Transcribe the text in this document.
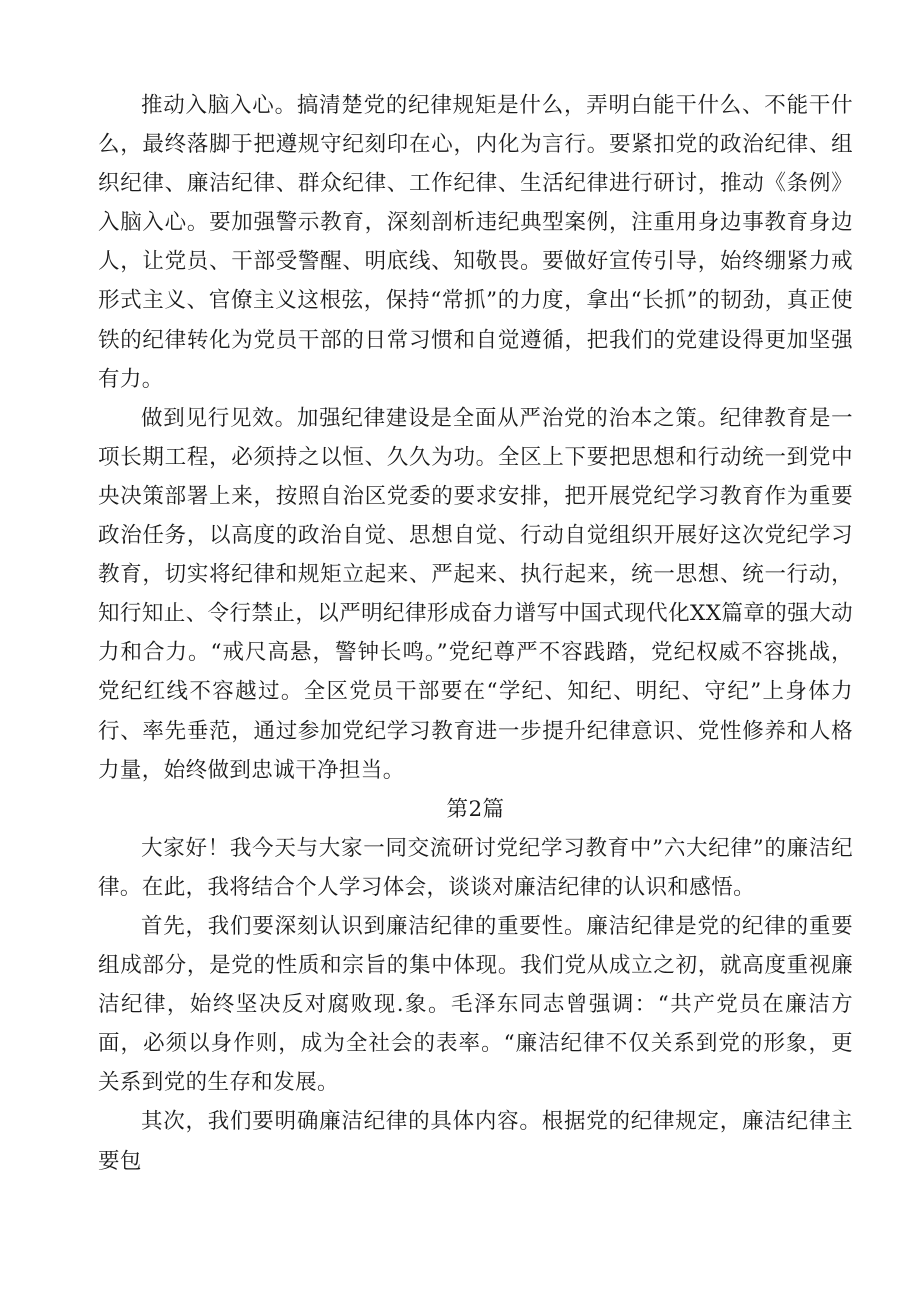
推动入脑入心。搞清楚党的纪律规矩是什么，弄明白能干什么、不能干什么，最终落脚于把遵规守纪刻印在心，内化为言行。要紧扣党的政治纪律、组织纪律、廉洁纪律、群众纪律、工作纪律、生活纪律进行研讨，推动《条例》入脑入心。要加强警示教育，深刻剖析违纪典型案例，注重用身边事教育身边人，让党员、干部受警醒、明底线、知敬畏。要做好宣传引导，始终绷紧力戒形式主义、官僚主义这根弦，保持“常抓”的力度，拿出“长抓”的韧劲，真正使铁的纪律转化为党员干部的日常习惯和自觉遵循，把我们的党建设得更加坚强有力。

做到见行见效。加强纪律建设是全面从严治党的治本之策。纪律教育是一项长期工程，必须持之以恒、久久为功。全区上下要把思想和行动统一到党中央决策部署上来，按照自治区党委的要求安排，把开展党纪学习教育作为重要政治任务，以高度的政治自觉、思想自觉、行动自觉组织开展好这次党纪学习教育，切实将纪律和规矩立起来、严起来、执行起来，统一思想、统一行动，知行知止、令行禁止，以严明纪律形成奋力谱写中国式现代化XX篇章的强大动力和合力。“戒尺高悬，警钟长鸣。”党纪尊严不容践踏，党纪权威不容挑战，党纪红线不容越过。全区党员干部要在“学纪、知纪、明纪、守纪”上身体力行、率先垂范，通过参加党纪学习教育进一步提升纪律意识、党性修养和人格力量，始终做到忠诚干净担当。

第2篇

大家好！我今天与大家一同交流研讨党纪学习教育中”六大纪律”的廉洁纪律。在此，我将结合个人学习体会，谈谈对廉洁纪律的认识和感悟。

首先，我们要深刻认识到廉洁纪律的重要性。廉洁纪律是党的纪律的重要组成部分，是党的性质和宗旨的集中体现。我们党从成立之初，就高度重视廉洁纪律，始终坚决反对腐败现.象。毛泽东同志曾强调：“共产党员在廉洁方面，必须以身作则，成为全社会的表率。“廉洁纪律不仅关系到党的形象，更关系到党的生存和发展。

其次，我们要明确廉洁纪律的具体内容。根据党的纪律规定，廉洁纪律主要包
